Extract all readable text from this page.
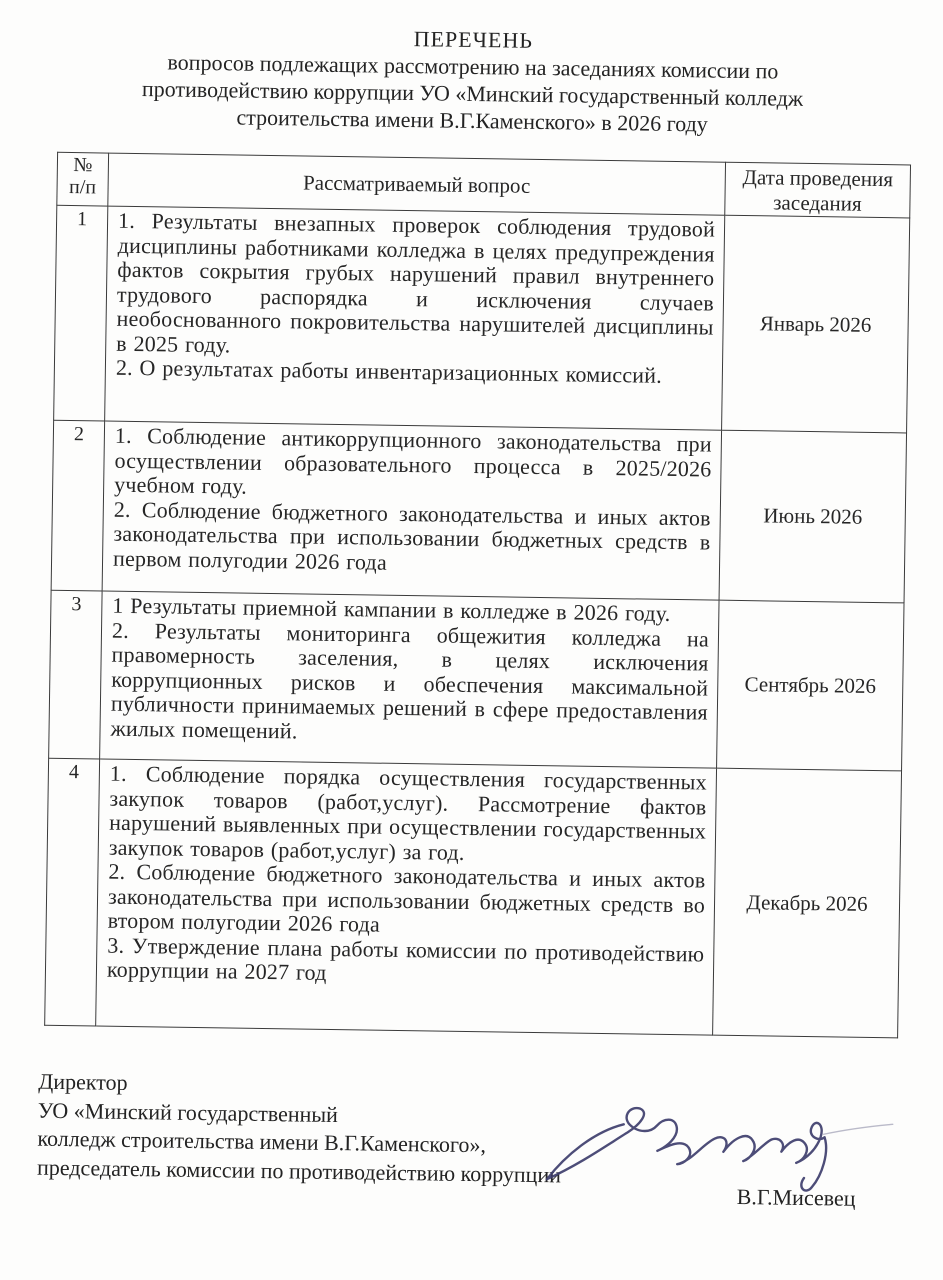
ПЕРЕЧЕНЬ
вопросов подлежащих рассмотрению на заседаниях комиссии по
противодействию коррупции УО «Минский государственный колледж
строительства имени В.Г.Каменского» в 2026 году
№
п/п	Рассматриваемый вопрос	Дата проведения
заседания
1	1. Результаты внезапных проверок соблюдения трудовой дисциплины работниками колледжа в целях предупреждения фактов сокрытия грубых нарушений правил внутреннего трудового распорядка и исключения случаев необоснованного покровительства нарушителей дисциплины в 2025 году.

2. О результатах работы инвентаризационных комиссий.	Январь 2026
2	1. Соблюдение антикоррупционного законодательства при осуществлении образовательного процесса в 2025/2026 учебном году.

2. Соблюдение бюджетного законодательства и иных актов законодательства при использовании бюджетных средств в первом полугодии 2026 года	Июнь 2026
3	1 Результаты приемной кампании в колледже в 2026 году.

2. Результаты мониторинга общежития колледжа на правомерность заселения, в целях исключения коррупционных рисков и обеспечения максимальной публичности принимаемых решений в сфере предоставления жилых помещений.	Сентябрь 2026
4	1. Соблюдение порядка осуществления государственных закупок товаров (работ,услуг). Рассмотрение фактов нарушений выявленных при осуществлении государственных закупок товаров (работ,услуг) за год.

2. Соблюдение бюджетного законодательства и иных актов законодательства при использовании бюджетных средств во втором полугодии 2026 года

3. Утверждение плана работы комиссии по противодействию коррупции на 2027 год	Декабрь 2026
Директор
УО «Минский государственный
колледж строительства имени В.Г.Каменского»,
председатель комиссии по противодействию коррупции
В.Г.Мисевец
